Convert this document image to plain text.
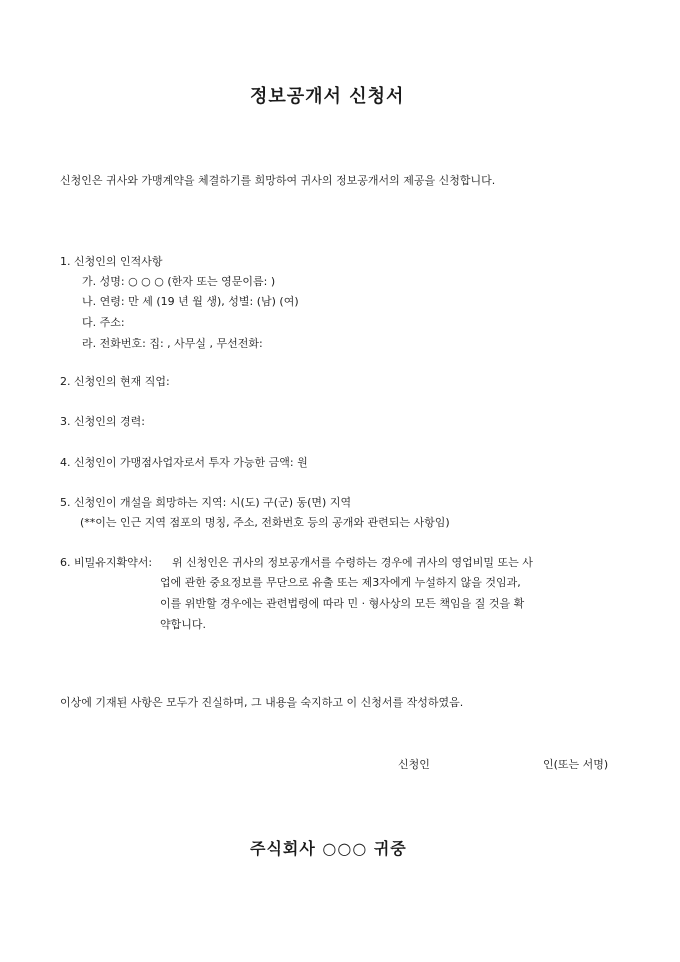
정보공개서 신청서
신청인은 귀사와 가맹계약을 체결하기를 희망하여 귀사의 정보공개서의 제공을 신청합니다.
1. 신청인의 인적사항
가. 성명: ○ ○ ○ (한자 또는 영문이름: )
나. 연령: 만 세 (19 년 월 생), 성별: (남) (여)
다. 주소:
라. 전화번호: 집: , 사무실 , 무선전화:
2. 신청인의 현재 직업:
3. 신청인의 경력:
4. 신청인이 가맹점사업자로서 투자 가능한 금액: 원
5. 신청인이 개설을 희망하는 지역: 시(도) 구(군) 동(면) 지역
(**이는 인근 지역 점포의 명칭, 주소, 전화번호 등의 공개와 관련되는 사항임)
6. 비밀유지확약서: 위 신청인은 귀사의 정보공개서를 수령하는 경우에 귀사의 영업비밀 또는 사
업에 관한 중요정보를 무단으로 유출 또는 제3자에게 누설하지 않을 것임과,
이를 위반할 경우에는 관련법령에 따라 민 · 형사상의 모든 책임을 질 것을 확
약합니다.
이상에 기재된 사항은 모두가 진실하며, 그 내용을 숙지하고 이 신청서를 작성하였음.
신청인	인(또는 서명)
주식회사 ○○○ 귀중
